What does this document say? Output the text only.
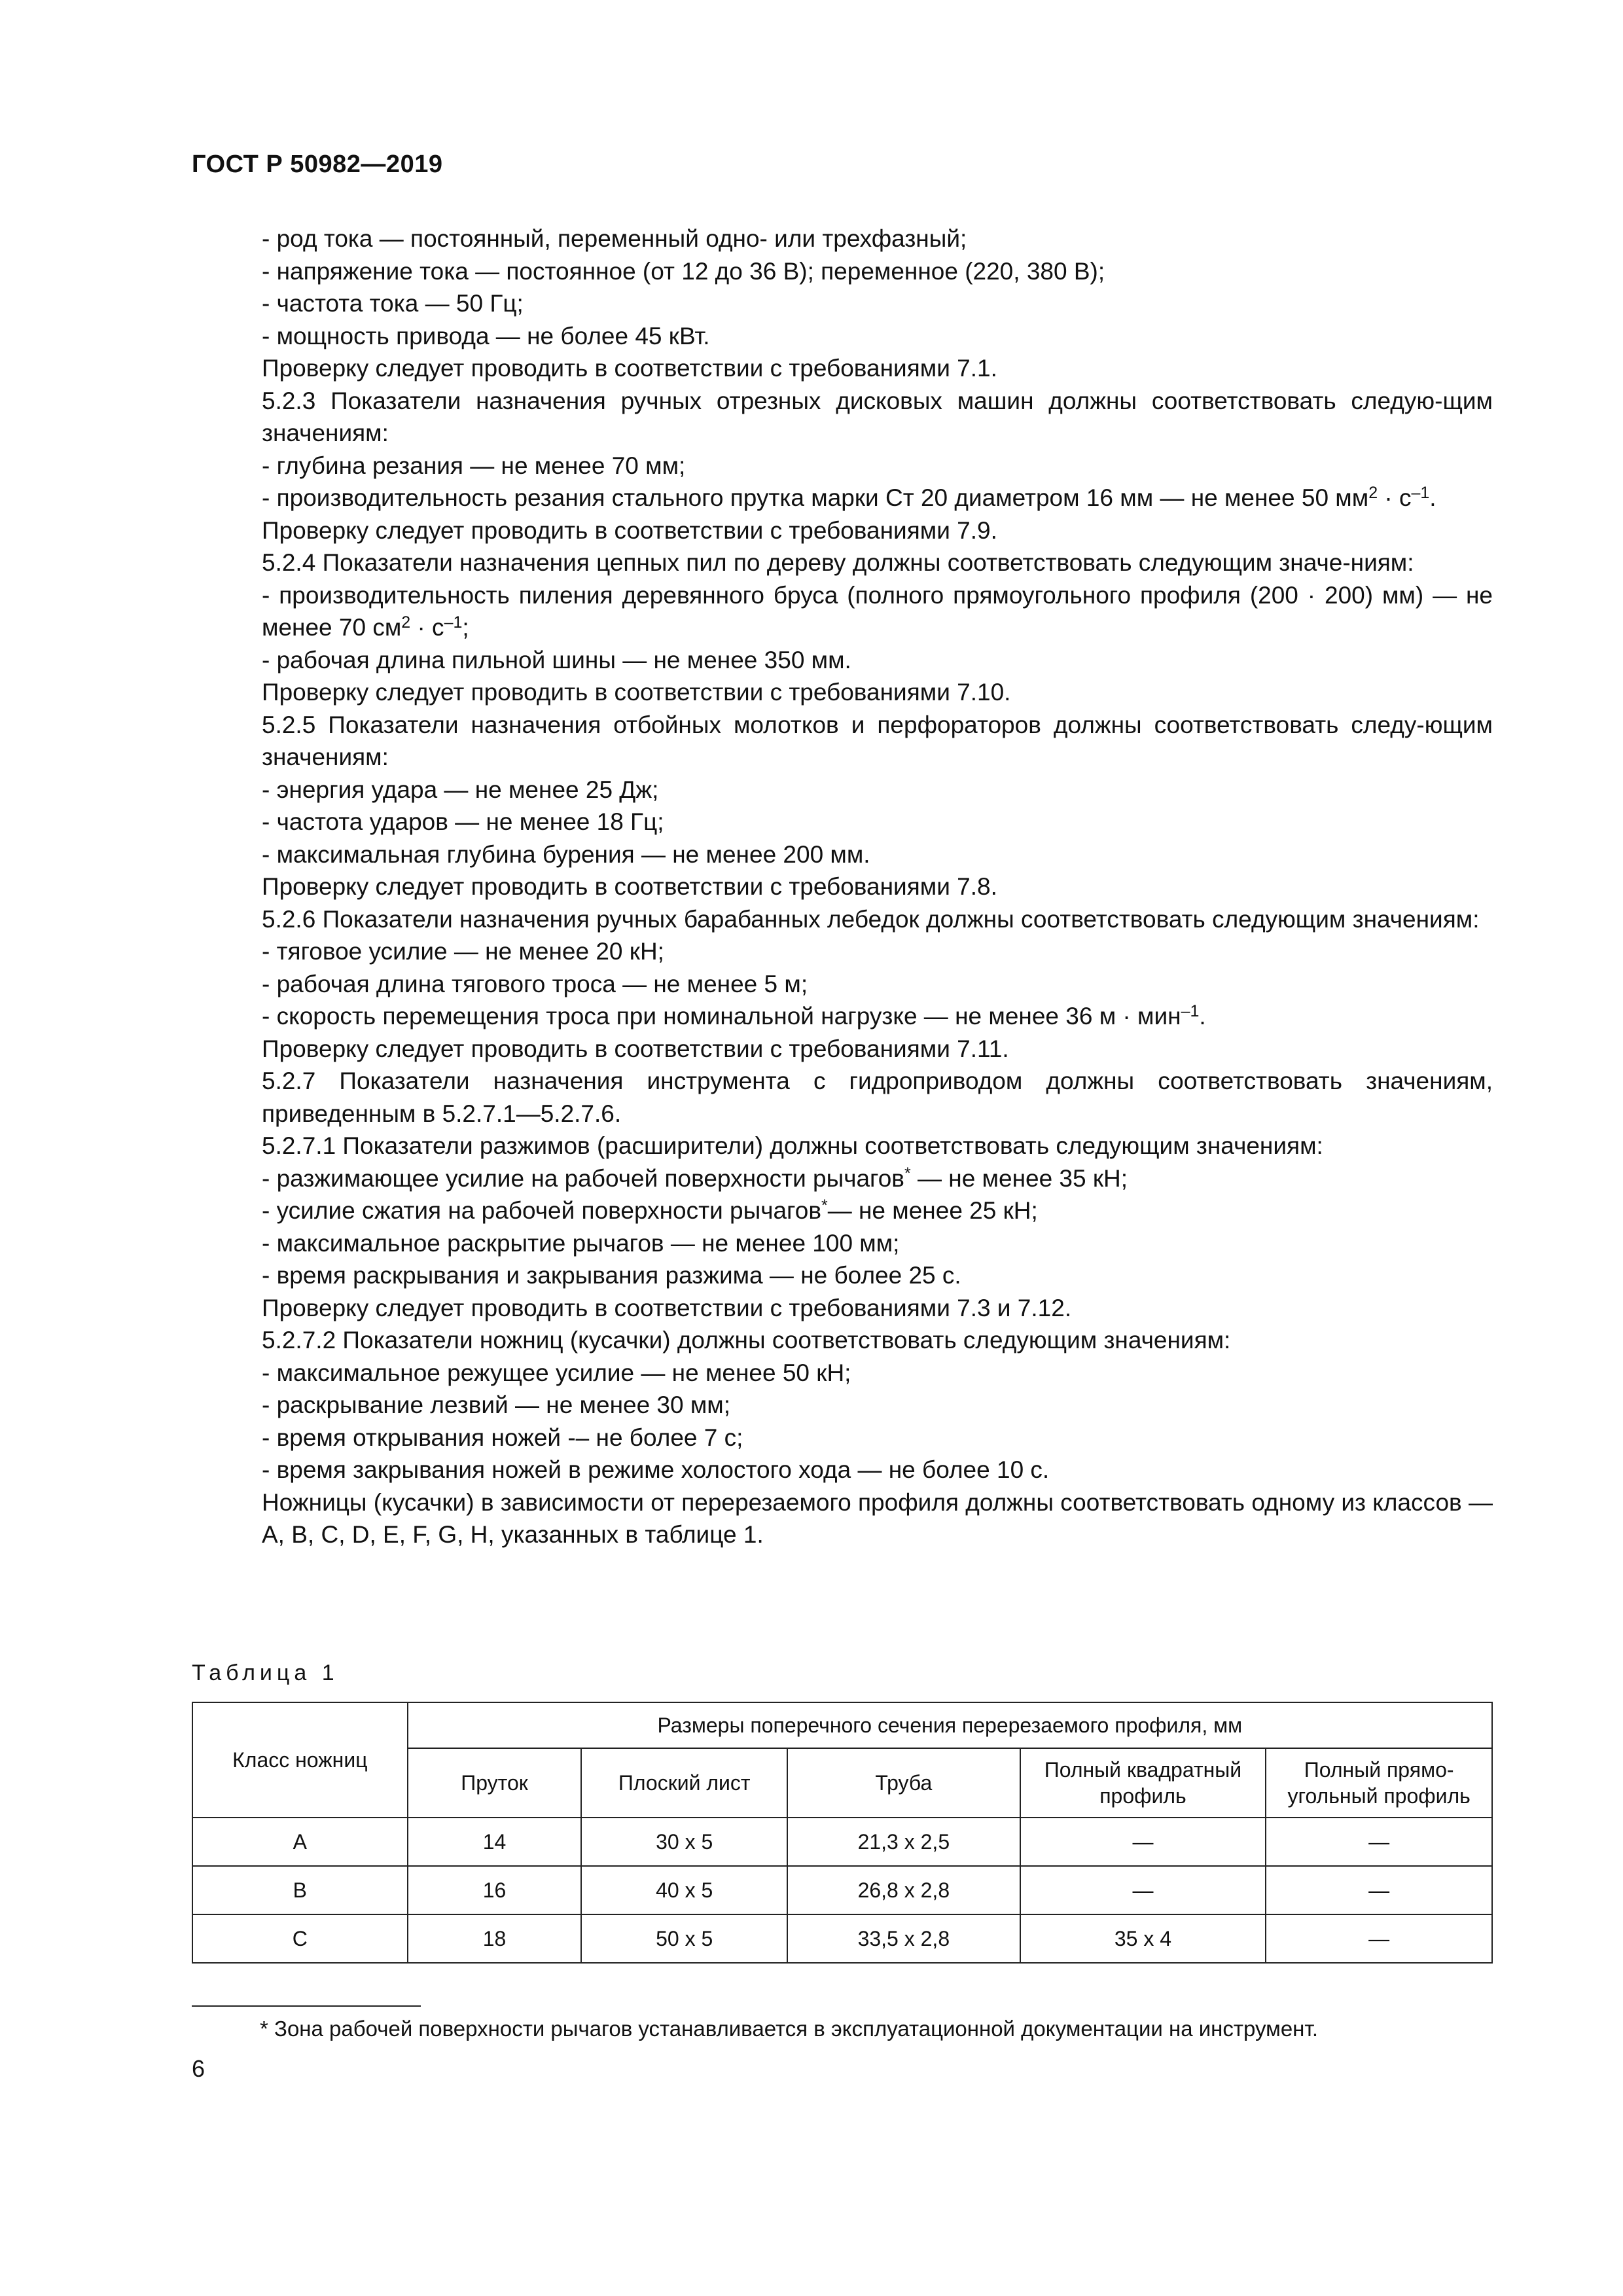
ГОСТ Р 50982—2019
- род тока — постоянный, переменный одно- или трехфазный;
- напряжение тока — постоянное (от 12 до 36 В); переменное (220, 380 В);
- частота тока — 50 Гц;
- мощность привода — не более 45 кВт.
Проверку следует проводить в соответствии с требованиями 7.1.
5.2.3 Показатели назначения ручных отрезных дисковых машин должны соответствовать следую-щим значениям:
- глубина резания — не менее 70 мм;
- производительность резания стального прутка марки Ст 20 диаметром 16 мм — не менее 50 $мм^2 \cdot с^{-1}$.
Проверку следует проводить в соответствии с требованиями 7.9.
5.2.4 Показатели назначения цепных пил по дереву должны соответствовать следующим значе-ниям:
- производительность пиления деревянного бруса (полного прямоугольного профиля (200 · 200) мм) — не менее 70 $см^2 \cdot с^{-1}$;
- рабочая длина пильной шины — не менее 350 мм.
Проверку следует проводить в соответствии с требованиями 7.10.
5.2.5 Показатели назначения отбойных молотков и перфораторов должны соответствовать следу-ющим значениям:
- энергия удара — не менее 25 Дж;
- частота ударов — не менее 18 Гц;
- максимальная глубина бурения — не менее 200 мм.
Проверку следует проводить в соответствии с требованиями 7.8.
5.2.6 Показатели назначения ручных барабанных лебедок должны соответствовать следующим значениям:
- тяговое усилие — не менее 20 кН;
- рабочая длина тягового троса — не менее 5 м;
- скорость перемещения троса при номинальной нагрузке — не менее 36 м · мин$^{-1}$.
Проверку следует проводить в соответствии с требованиями 7.11.
5.2.7 Показатели назначения инструмента с гидроприводом должны соответствовать значениям, приведенным в 5.2.7.1—5.2.7.6.
5.2.7.1 Показатели разжимов (расширители) должны соответствовать следующим значениям:
- разжимающее усилие на рабочей поверхности рычагов* — не менее 35 кН;
- усилие сжатия на рабочей поверхности рычагов*— не менее 25 кН;
- максимальное раскрытие рычагов — не менее 100 мм;
- время раскрывания и закрывания разжима — не более 25 с.
Проверку следует проводить в соответствии с требованиями 7.3 и 7.12.
5.2.7.2 Показатели ножниц (кусачки) должны соответствовать следующим значениям:
- максимальное режущее усилие — не менее 50 кН;
- раскрывание лезвий — не менее 30 мм;
- время открывания ножей -– не более 7 с;
- время закрывания ножей в режиме холостого хода — не более 10 с.
Ножницы (кусачки) в зависимости от перерезаемого профиля должны соответствовать одному из классов — А, В, С, D, Е, F, G, Н, указанных в таблице 1.
Таблица 1
Класс ножниц	Размеры поперечного сечения перерезаемого профиля, мм				
	Пруток	Плоский лист	Труба	Полный квадратный профиль	Полный прямо-угольный профиль
А	14	30 х 5	21,3 х 2,5	—	—
В	16	40 х 5	26,8 х 2,8	—	—
С	18	50 х 5	33,5 х 2,8	35 х 4	—
* Зона рабочей поверхности рычагов устанавливается в эксплуатационной документации на инструмент.
6
